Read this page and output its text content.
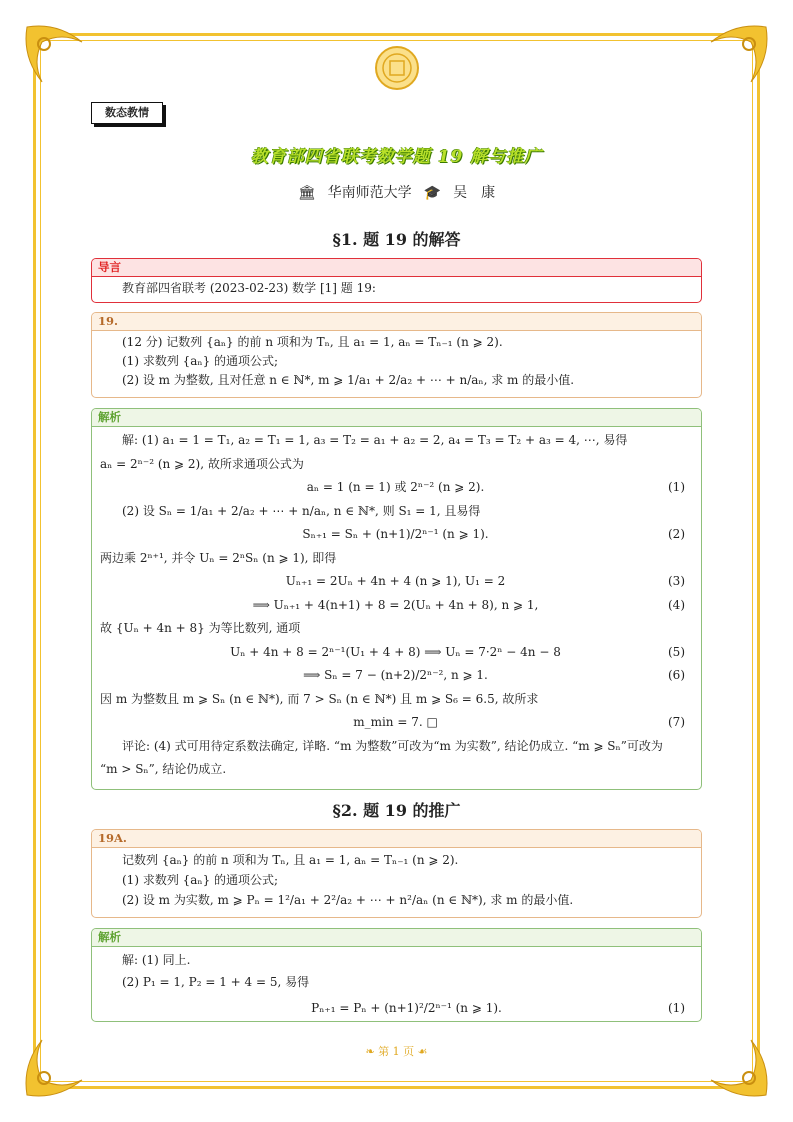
数态教情
教育部四省联考数学题 19 解与推广
🏛 华南师范大学 🎓 吴　康
§1. 题 19 的解答
导言
教育部四省联考 (2023-02-23) 数学 [1] 题 19:
19.
(12 分) 记数列 {aₙ} 的前 n 项和为 Tₙ, 且 a₁ = 1, aₙ = Tₙ₋₁ (n ⩾ 2).
(1) 求数列 {aₙ} 的通项公式;
(2) 设 m 为整数, 且对任意 n ∈ ℕ*, m ⩾ 1/a₁ + 2/a₂ + ⋯ + n/aₙ, 求 m 的最小值.
解析
解: (1) a₁ = 1 = T₁, a₂ = T₁ = 1, a₃ = T₂ = a₁ + a₂ = 2, a₄ = T₃ = T₂ + a₃ = 4, ⋯, 易得
aₙ = 2ⁿ⁻² (n ⩾ 2), 故所求通项公式为
aₙ = 1 (n = 1) 或 2ⁿ⁻² (n ⩾ 2).	(1)
(2) 设 Sₙ = 1/a₁ + 2/a₂ + ⋯ + n/aₙ, n ∈ ℕ*, 则 S₁ = 1, 且易得
Sₙ₊₁ = Sₙ + (n+1)/2ⁿ⁻¹ (n ⩾ 1).	(2)
两边乘 2ⁿ⁺¹, 并令 Uₙ = 2ⁿSₙ (n ⩾ 1), 即得
Uₙ₊₁ = 2Uₙ + 4n + 4 (n ⩾ 1), U₁ = 2	(3)
⟹ Uₙ₊₁ + 4(n+1) + 8 = 2(Uₙ + 4n + 8), n ⩾ 1,	(4)
故 {Uₙ + 4n + 8} 为等比数列, 通项
Uₙ + 4n + 8 = 2ⁿ⁻¹(U₁ + 4 + 8) ⟹ Uₙ = 7·2ⁿ − 4n − 8	(5)
⟹ Sₙ = 7 − (n+2)/2ⁿ⁻², n ⩾ 1.	(6)
因 m 为整数且 m ⩾ Sₙ (n ∈ ℕ*), 而 7 > Sₙ (n ∈ ℕ*) 且 m ⩾ S₆ = 6.5, 故所求
m_min = 7. □	(7)
评论: (4) 式可用待定系数法确定, 详略. “m 为整数”可改为“m 为实数”, 结论仍成立. “m ⩾ Sₙ”可改为
“m > Sₙ”, 结论仍成立.
§2. 题 19 的推广
19A.
记数列 {aₙ} 的前 n 项和为 Tₙ, 且 a₁ = 1, aₙ = Tₙ₋₁ (n ⩾ 2).
(1) 求数列 {aₙ} 的通项公式;
(2) 设 m 为实数, m ⩾ Pₙ = 1²/a₁ + 2²/a₂ + ⋯ + n²/aₙ (n ∈ ℕ*), 求 m 的最小值.
解析
解: (1) 同上.
(2) P₁ = 1, P₂ = 1 + 4 = 5, 易得
Pₙ₊₁ = Pₙ + (n+1)²/2ⁿ⁻¹ (n ⩾ 1).	(1)
❧ 第 1 页 ☙
